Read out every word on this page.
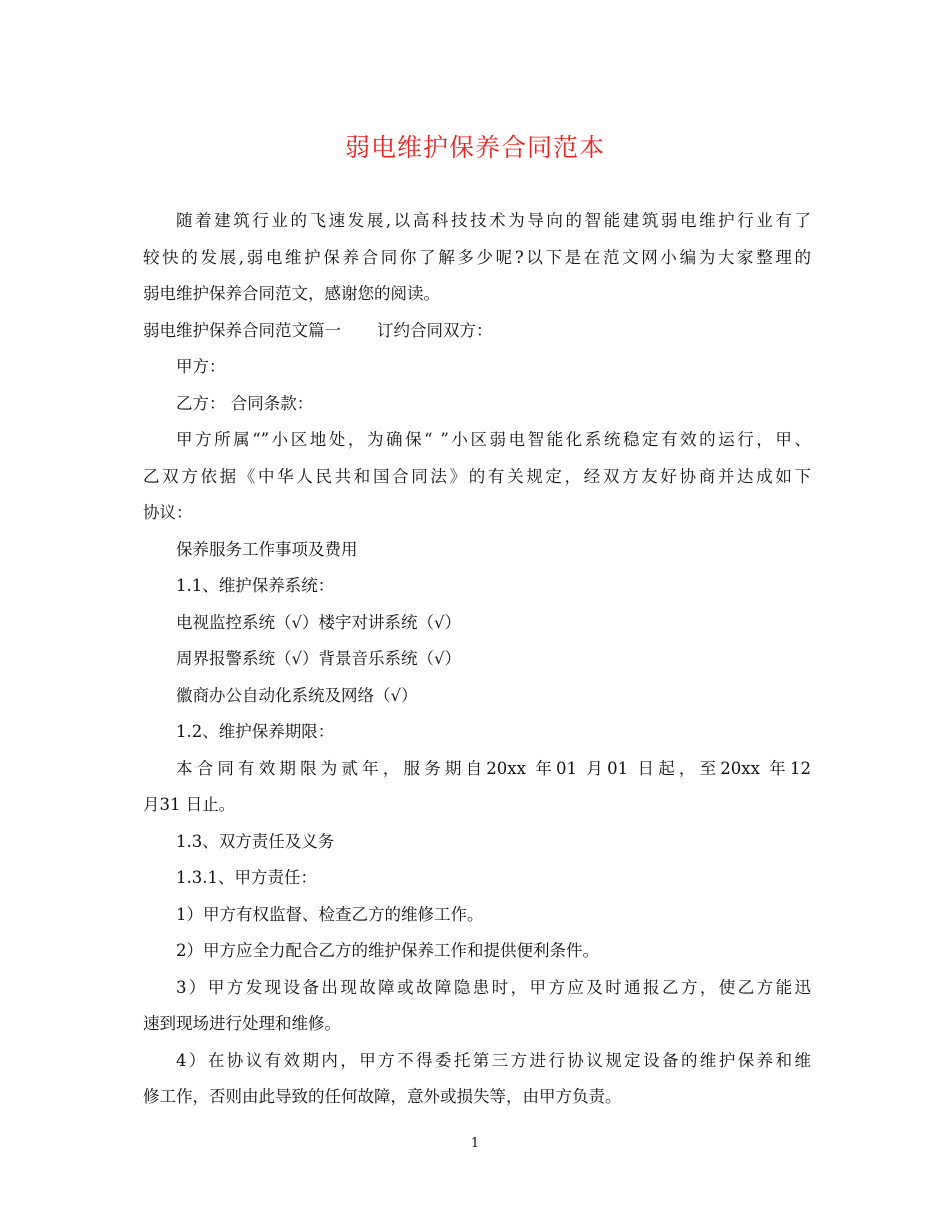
弱电维护保养合同范本

随着建筑行业的飞速发展,以高科技技术为导向的智能建筑弱电维护行业有了

较快的发展,弱电维护保养合同你了解多少呢?以下是在范文网小编为大家整理的

弱电维护保养合同范文，感谢您的阅读。

弱电维护保养合同范文篇一 订约合同双方：

甲方：

乙方： 合同条款：

甲方所属“”小区地处，为确保“ ”小区弱电智能化系统稳定有效的运行，甲、

乙双方依据《中华人民共和国合同法》的有关规定，经双方友好协商并达成如下

协议：

保养服务工作事项及费用

1.1、维护保养系统：

电视监控系统（√）楼宇对讲系统（√）

周界报警系统（√）背景音乐系统（√）

徽商办公自动化系统及网络（√）

1.2、维护保养期限：

本合同有效期限为贰年，服务期自20xx 年01 月01 日起，至20xx 年12

月31 日止。

1.3、双方责任及义务

1.3.1、甲方责任：

1）甲方有权监督、检查乙方的维修工作。

2）甲方应全力配合乙方的维护保养工作和提供便利条件。

3）甲方发现设备出现故障或故障隐患时，甲方应及时通报乙方，使乙方能迅

速到现场进行处理和维修。

4）在协议有效期内，甲方不得委托第三方进行协议规定设备的维护保养和维

修工作，否则由此导致的任何故障，意外或损失等，由甲方负责。

1
